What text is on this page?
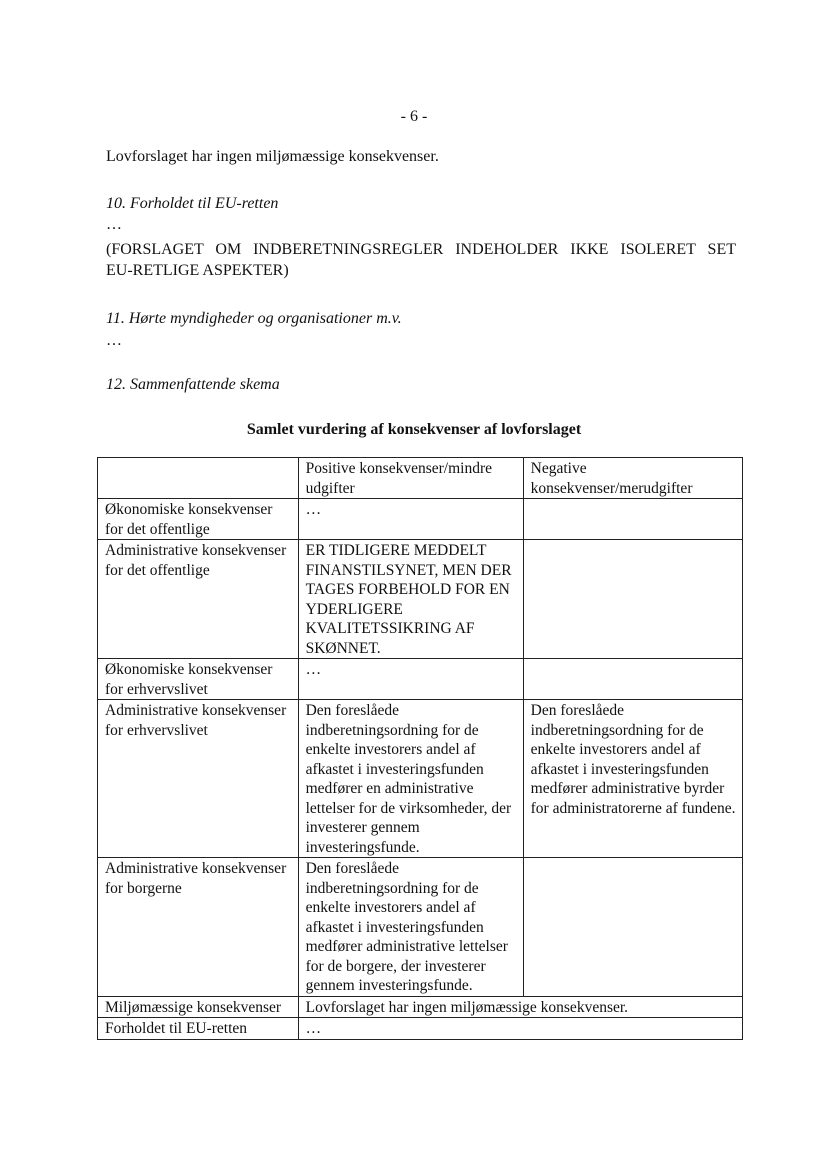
- 6 -
Lovforslaget har ingen miljømæssige konsekvenser.
10. Forholdet til EU-retten
…
(FORSLAGET OM INDBERETNINGSREGLER INDEHOLDER IKKE ISOLERET SET
EU-RETLIGE ASPEKTER)
11. Hørte myndigheder og organisationer m.v.
…
12. Sammenfattende skema
Samlet vurdering af konsekvenser af lovforslaget
	Positive konsekvenser/mindre udgifter	Negative konsekvenser/merudgifter
Økonomiske konsekvenser for det offentlige	…	
Administrative konsekvenser for det offentlige	ER TIDLIGERE MEDDELT FINANSTILSYNET, MEN DER TAGES FORBEHOLD FOR EN YDERLIGERE KVALITETSSIKRING AF SKØNNET.	
Økonomiske konsekvenser for erhvervslivet	…	
Administrative konsekvenser for erhvervslivet	Den foreslåede indberetningsordning for de enkelte investorers andel af afkastet i investeringsfunden medfører en administrative lettelser for de virksomheder, der investerer gennem investeringsfunde.	Den foreslåede indberetningsordning for de enkelte investorers andel af afkastet i investeringsfunden medfører administrative byrder for administratorerne af fundene.
Administrative konsekvenser for borgerne	Den foreslåede indberetningsordning for de enkelte investorers andel af afkastet i investeringsfunden medfører administrative lettelser for de borgere, der investerer gennem investeringsfunde.	
Miljømæssige konsekvenser	Lovforslaget har ingen miljømæssige konsekvenser.	
Forholdet til EU-retten	…	
